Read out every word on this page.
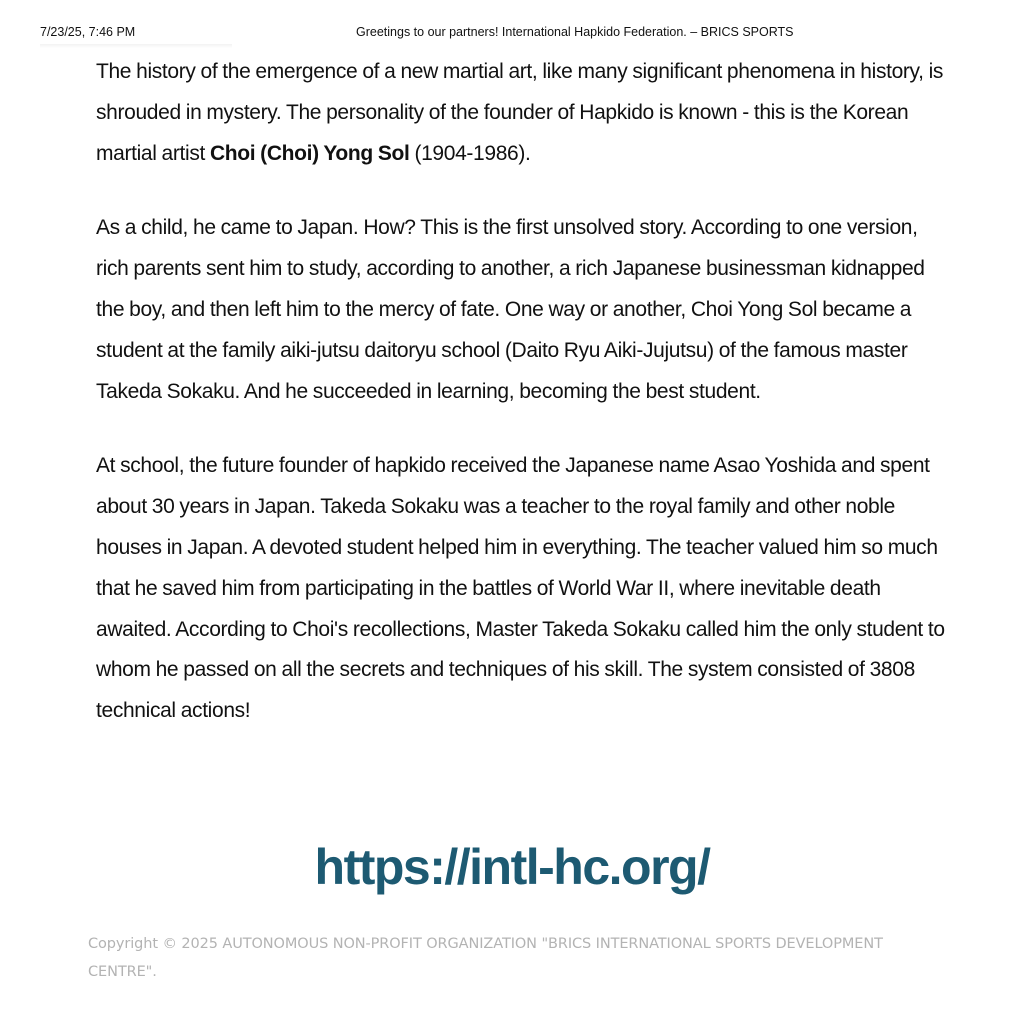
7/23/25, 7:46 PM	Greetings to our partners! International Hapkido Federation. – BRICS SPORTS

The history of the emergence of a new martial art, like many significant phenomena in history, is shrouded in mystery. The personality of the founder of Hapkido is known - this is the Korean martial artist Choi (Choi) Yong Sol (1904-1986).

As a child, he came to Japan. How? This is the first unsolved story. According to one version, rich parents sent him to study, according to another, a rich Japanese businessman kidnapped the boy, and then left him to the mercy of fate. One way or another, Choi Yong Sol became a student at the family aiki-jutsu daitoryu school (Daito Ryu Aiki-Jujutsu) of the famous master Takeda Sokaku. And he succeeded in learning, becoming the best student.

At school, the future founder of hapkido received the Japanese name Asao Yoshida and spent about 30 years in Japan. Takeda Sokaku was a teacher to the royal family and other noble houses in Japan. A devoted student helped him in everything. The teacher valued him so much that he saved him from participating in the battles of World War II, where inevitable death awaited. According to Choi's recollections, Master Takeda Sokaku called him the only student to whom he passed on all the secrets and techniques of his skill. The system consisted of 3808 technical actions!

https://intl-hc.org/
Copyright © 2025 AUTONOMOUS NON-PROFIT ORGANIZATION "BRICS INTERNATIONAL SPORTS DEVELOPMENT CENTRE".
